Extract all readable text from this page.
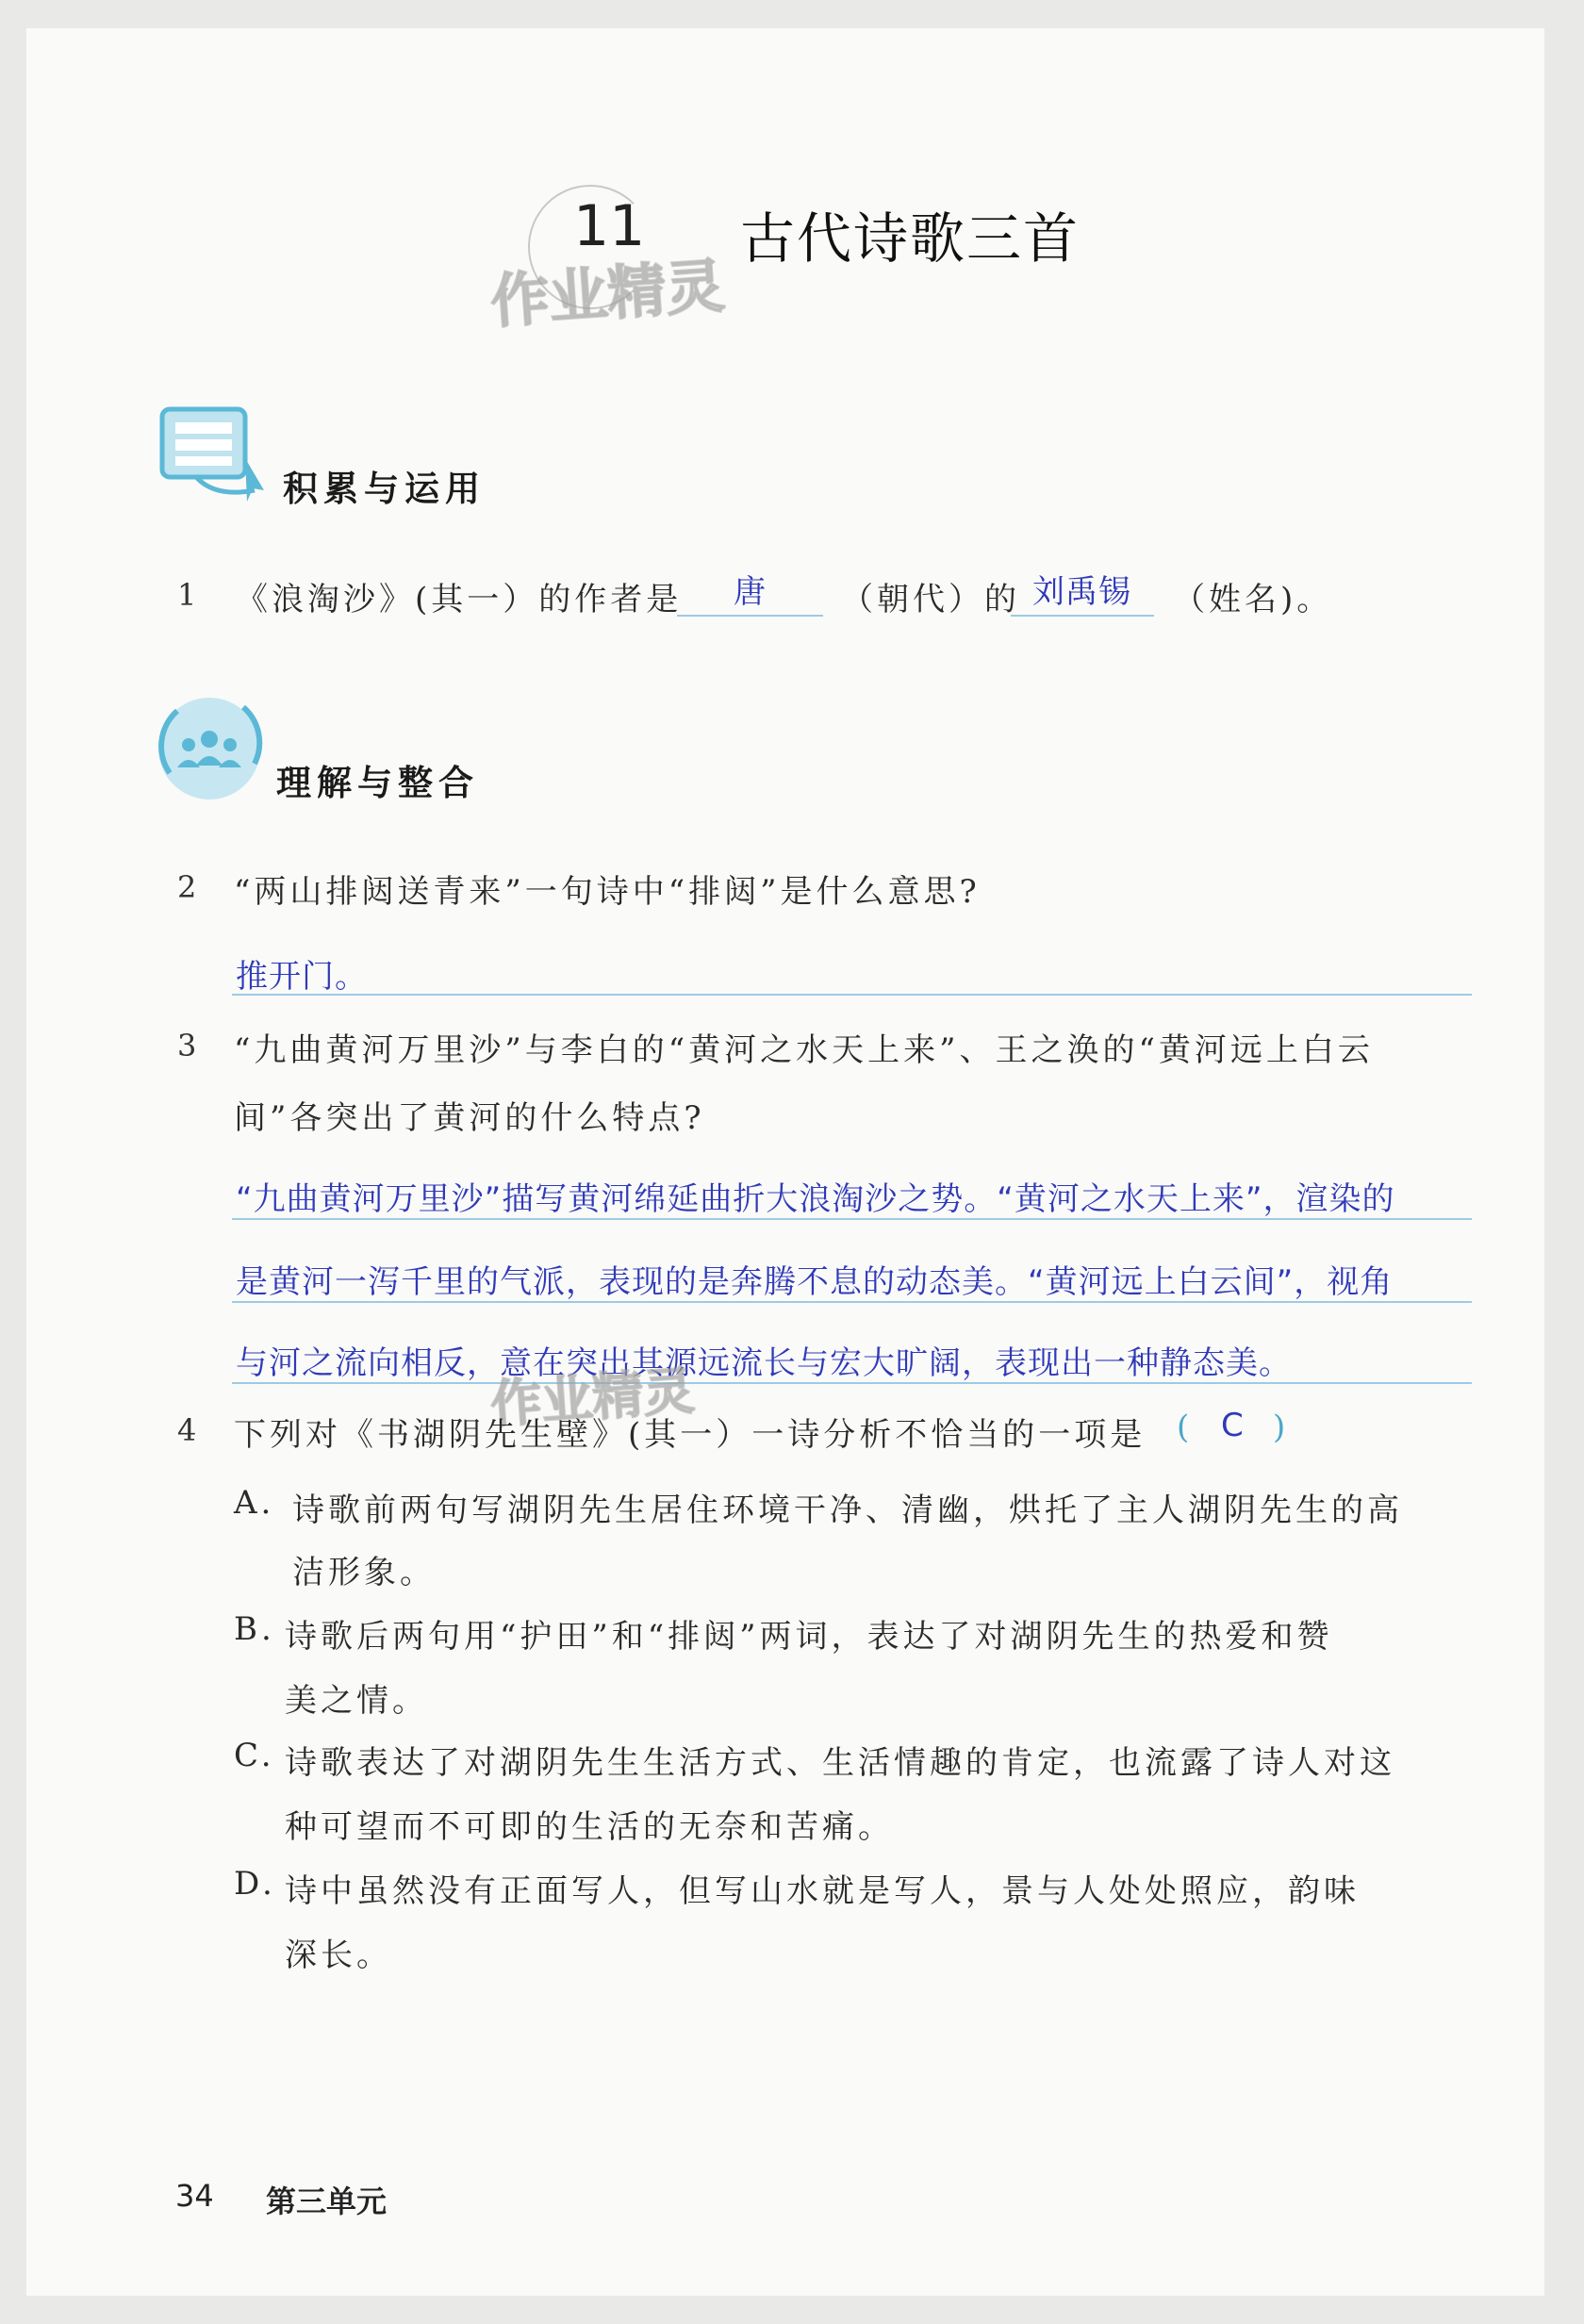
11 古代诗歌三首
作业精灵
积累与运用
1 《浪淘沙》(其一）的作者是 唐 （朝代）的 刘禹锡 （姓名)。
理解与整合
2 “两山排闼送青来”一句诗中“排闼”是什么意思?
推开门。
3 “九曲黄河万里沙”与李白的“黄河之水天上来”、王之涣的“黄河远上白云
间”各突出了黄河的什么特点?
“九曲黄河万里沙”描写黄河绵延曲折大浪淘沙之势。“黄河之水天上来”，渲染的
是黄河一泻千里的气派，表现的是奔腾不息的动态美。“黄河远上白云间”，视角
与河之流向相反，意在突出其源远流长与宏大旷阔，表现出一种静态美。
作业精灵
4 下列对《书湖阴先生壁》(其一）一诗分析不恰当的一项是 ( C )
A. 诗歌前两句写湖阴先生居住环境干净、清幽，烘托了主人湖阴先生的高
洁形象。
B. 诗歌后两句用“护田”和“排闼”两词，表达了对湖阴先生的热爱和赞
美之情。
C. 诗歌表达了对湖阴先生生活方式、生活情趣的肯定，也流露了诗人对这
种可望而不可即的生活的无奈和苦痛。
D. 诗中虽然没有正面写人，但写山水就是写人，景与人处处照应，韵味
深长。
34 第三单元
